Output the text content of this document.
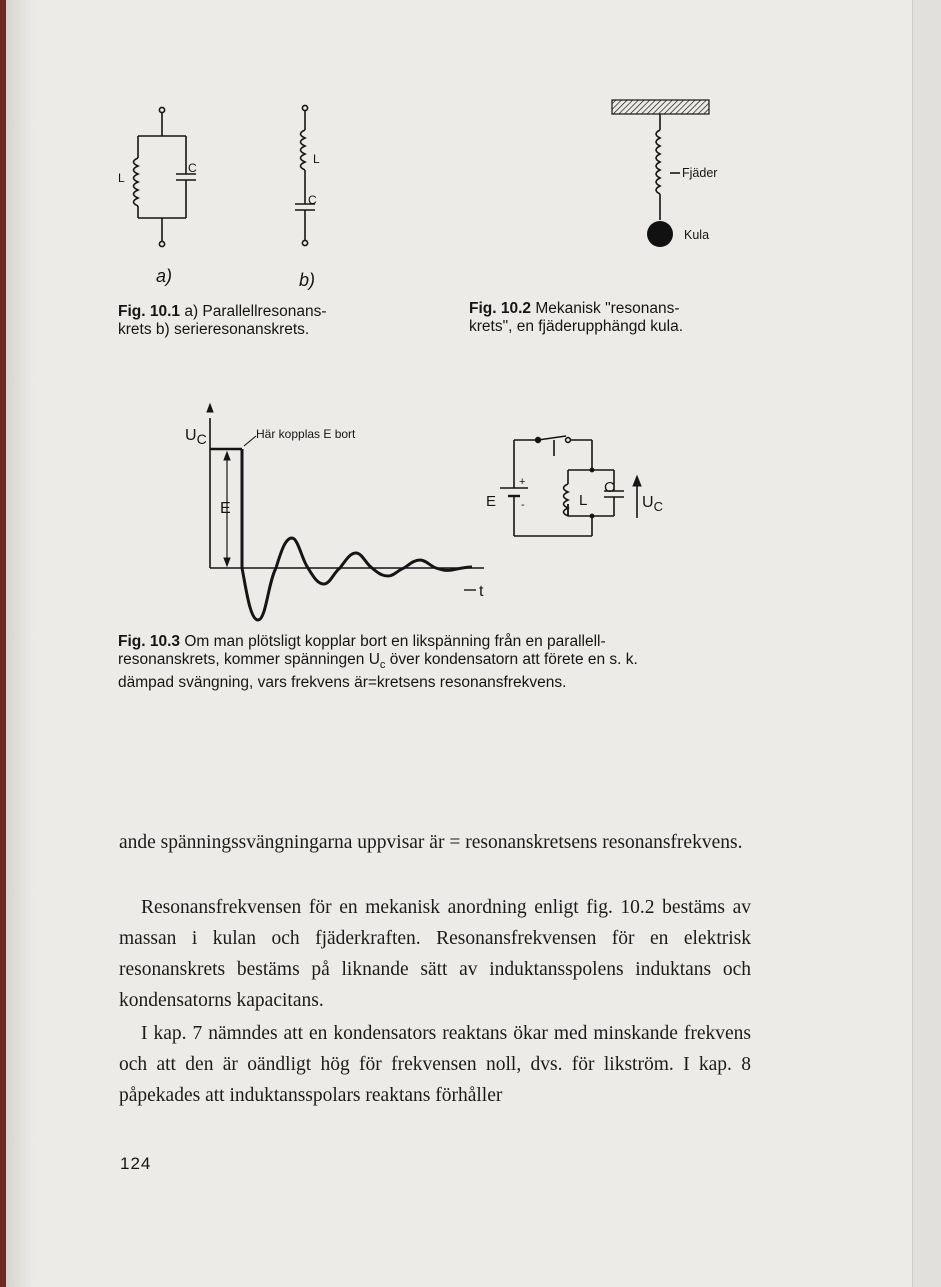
L
C
a)
L
C
b)

Fig. 10.1 a) Parallellresonans-
krets b) serieresonanskrets.

Fjäder
Kula

Fig. 10.2 Mekanisk "resonans-
krets", en fjäderupphängd kula.

UC	Här kopplas E bort
E
t
E
+
-	L
C
$U_C$

Fig. 10.3 Om man plötsligt kopplar bort en likspänning från en parallell-
resonanskrets, kommer spänningen $U_c$ över kondensatorn att förete en s. k.
dämpad svängning, vars frekvens är=kretsens resonansfrekvens.

ande spänningssvängningarna uppvisar är = resonanskretsens resonansfrekvens.

Resonansfrekvensen för en mekanisk anordning enligt fig. 10.2 bestäms av massan i kulan och fjäderkraften. Resonansfrekvensen för en elektrisk resonanskrets bestäms på liknande sätt av induktansspolens induktans och kondensatorns kapacitans.

I kap. 7 nämndes att en kondensators reaktans ökar med minskande frekvens och att den är oändligt hög för frekvensen noll, dvs. för likström. I kap. 8 påpekades att induktansspolars reaktans förhåller

124
